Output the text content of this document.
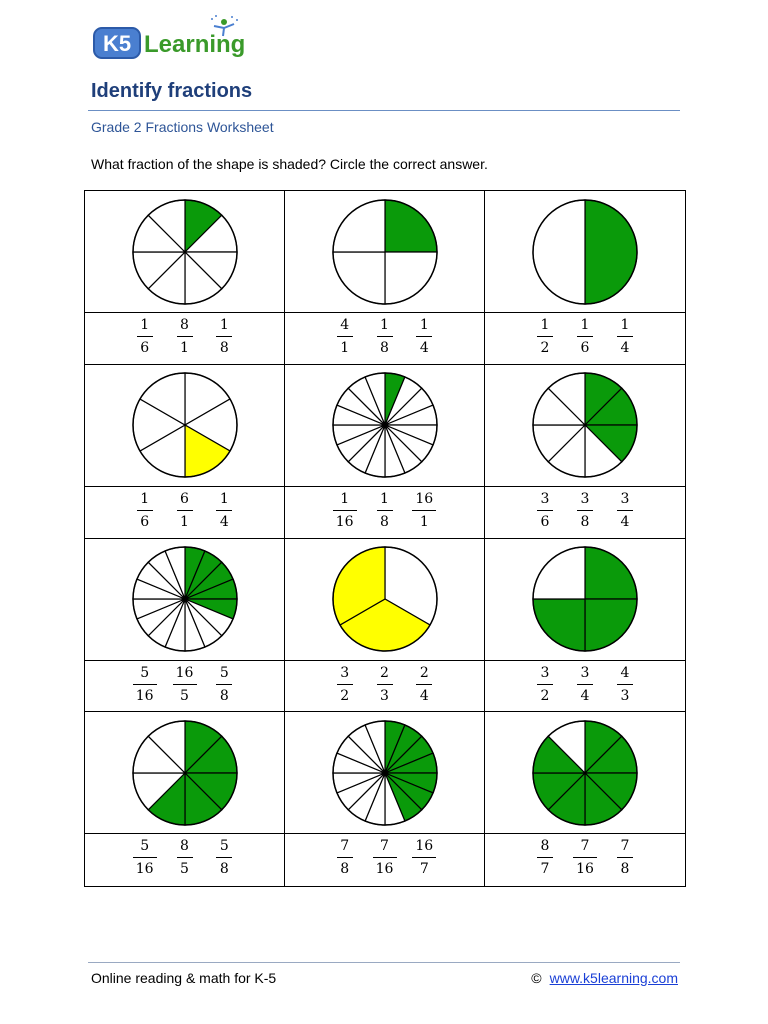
K5 Learning
Identify fractions
Grade 2 Fractions Worksheet
What fraction of the shape is shaded? Circle the correct answer.
1
6
8
1
1
8
4
1
1
8
1
4
1
2
1
6
1
4
1
6
6
1
1
4
1
16
1
8
16
1
3
6
3
8
3
4
5
16
16
5
5
8
3
2
2
3
2
4
3
2
3
4
4
3
5
16
8
5
5
8
7
8
7
16
16
7
8
7
7
16
7
8
Online reading & math for K-5	© www.k5learning.com
